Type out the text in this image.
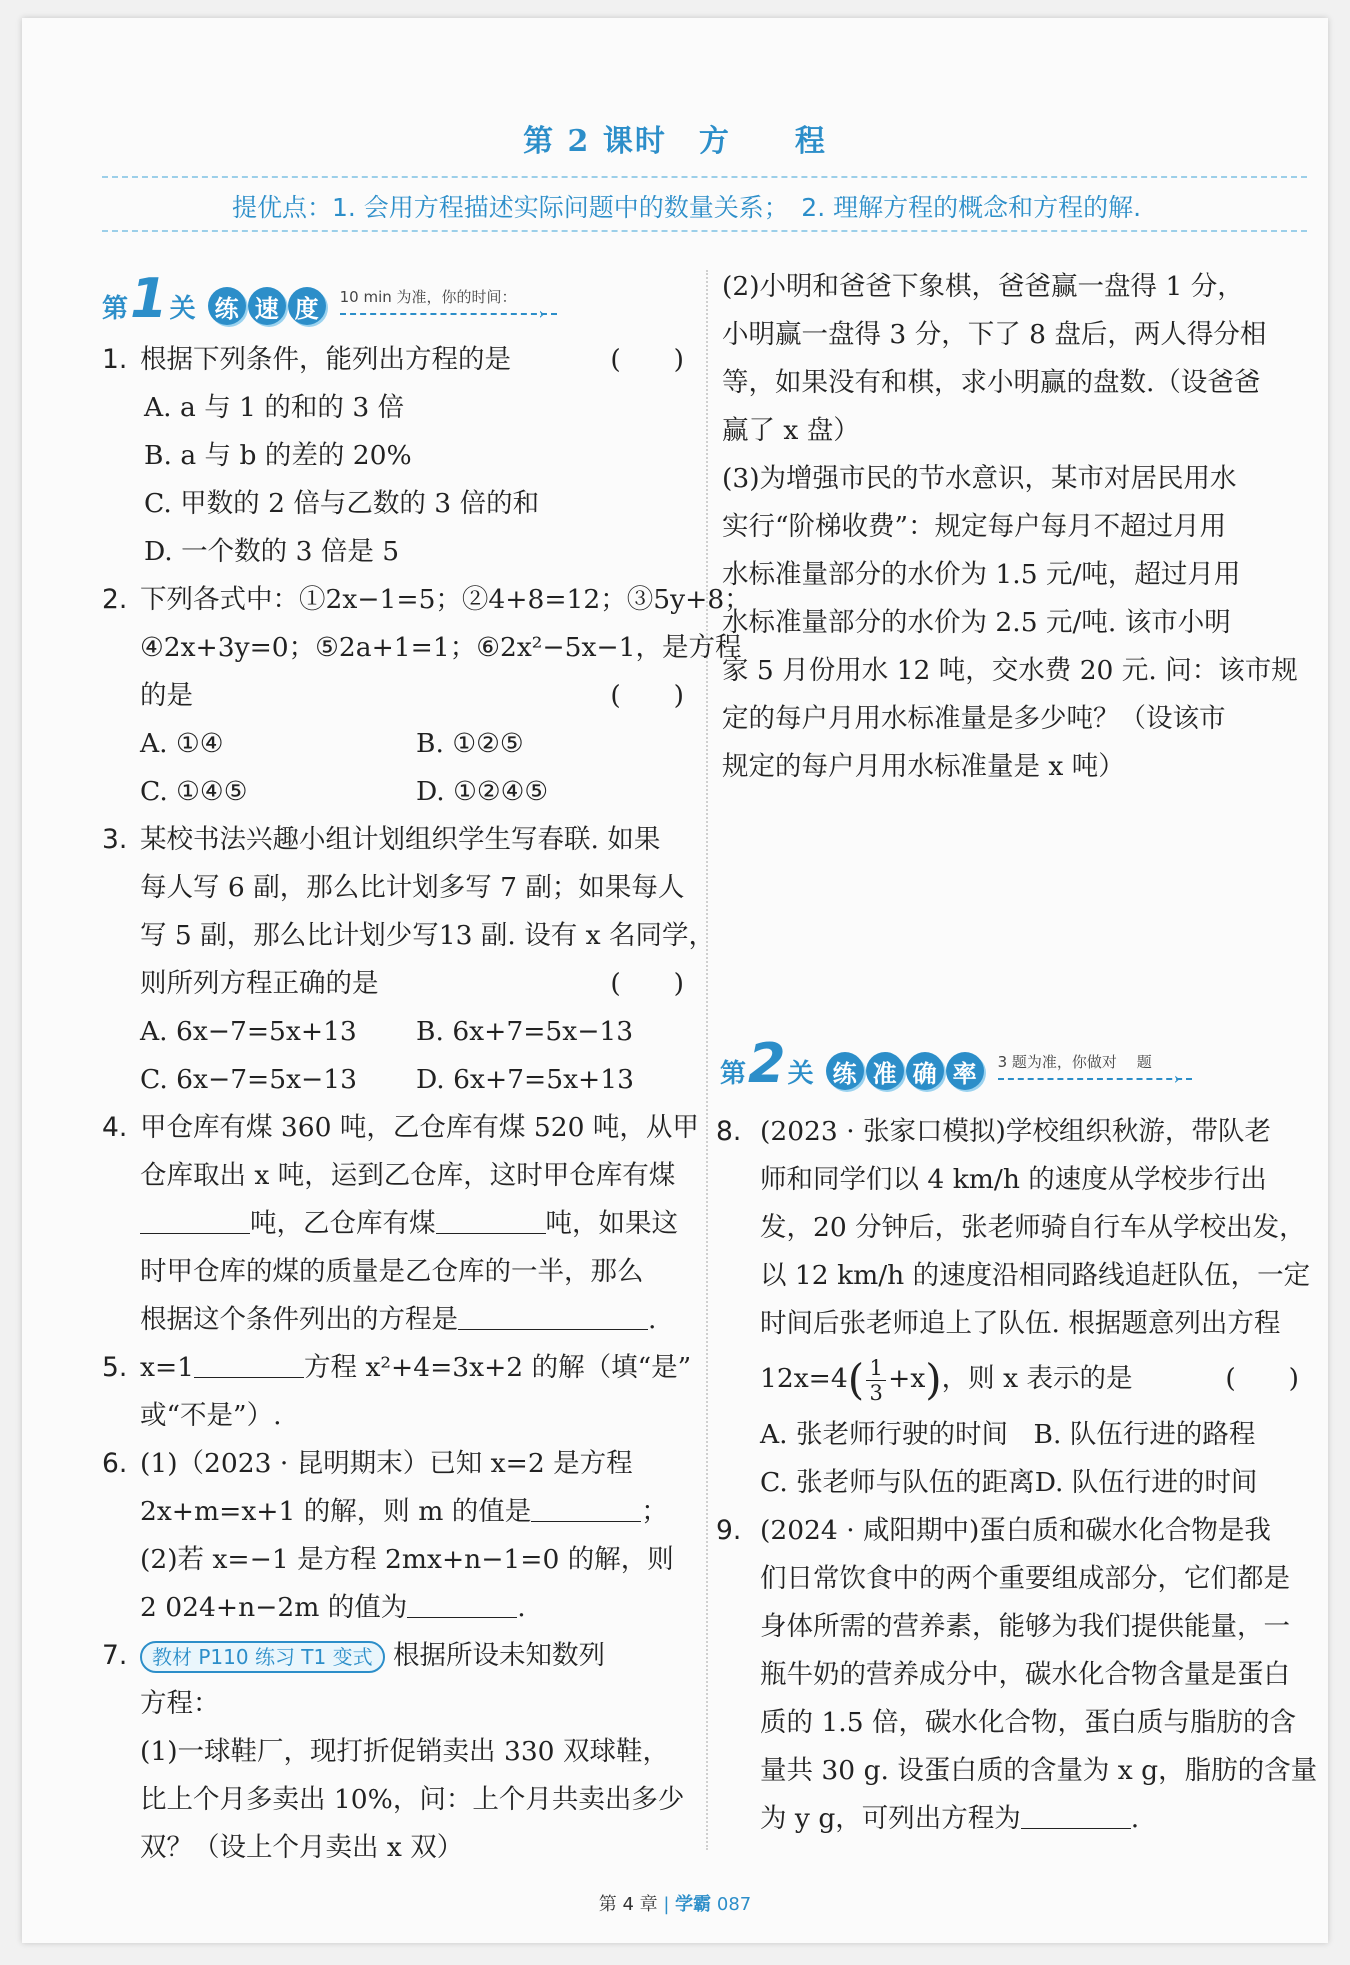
第 2 课时　方　　程
提优点：1. 会用方程描述实际问题中的数量关系；　2. 理解方程的概念和方程的解.
第 1 关 练 速 度	10 min 为准，你的时间：
›
1. 根据下列条件，能列出方程的是	(　　)
A. a 与 1 的和的 3 倍
B. a 与 b 的差的 20%
C. 甲数的 2 倍与乙数的 3 倍的和
D. 一个数的 3 倍是 5
2. 下列各式中：①2x−1=5；②4+8=12；③5y+8；
④2x+3y=0；⑤2a+1=1；⑥2x²−5x−1，是方程
的是	(　　)
A. ①④	B. ①②⑤
C. ①④⑤	D. ①②④⑤
3. 某校书法兴趣小组计划组织学生写春联. 如果
每人写 6 副，那么比计划多写 7 副；如果每人
写 5 副，那么比计划少写13 副. 设有 x 名同学，
则所列方程正确的是	(　　)
A. 6x−7=5x+13	B. 6x+7=5x−13
C. 6x−7=5x−13	D. 6x+7=5x+13
4. 甲仓库有煤 360 吨，乙仓库有煤 520 吨，从甲
仓库取出 x 吨，运到乙仓库，这时甲仓库有煤
吨，乙仓库有煤	吨，如果这
时甲仓库的煤的质量是乙仓库的一半，那么
根据这个条件列出的方程是	.
5. x=1	方程 x²+4=3x+2 的解（填“是”
或“不是”）.
6. (1)（2023 · 昆明期末）已知 x=2 是方程
2x+m=x+1 的解，则 m 的值是	；
(2)若 x=−1 是方程 2mx+n−1=0 的解，则
2 024+n−2m 的值为	.
7.	教材 P110 练习 T1 变式 根据所设未知数列
方程：
(1)一球鞋厂，现打折促销卖出 330 双球鞋，
比上个月多卖出 10%，问：上个月共卖出多少
双？（设上个月卖出 x 双）
(2)小明和爸爸下象棋，爸爸赢一盘得 1 分，
小明赢一盘得 3 分，下了 8 盘后，两人得分相
等，如果没有和棋，求小明赢的盘数.（设爸爸
赢了 x 盘）
(3)为增强市民的节水意识，某市对居民用水
实行“阶梯收费”：规定每户每月不超过月用
水标准量部分的水价为 1.5 元/吨，超过月用
水标准量部分的水价为 2.5 元/吨. 该市小明
家 5 月份用水 12 吨，交水费 20 元. 问：该市规
定的每户月用水标准量是多少吨？（设该市
规定的每户月用水标准量是 x 吨）
第 2 关 练 准 确 率	3 题为准，你做对　 题
›
8. (2023 · 张家口模拟)学校组织秋游，带队老
师和同学们以 4 km/h 的速度从学校步行出
发，20 分钟后，张老师骑自行车从学校出发，
以 12 km/h 的速度沿相同路线追赶队伍，一定
时间后张老师追上了队伍. 根据题意列出方程
$12x=4( \frac{1}{3} +x)$，则 x 表示的是	(　　)
A. 张老师行驶的时间 B. 队伍行进的路程
C. 张老师与队伍的距离 D. 队伍行进的时间
9. (2024 · 咸阳期中)蛋白质和碳水化合物是我
们日常饮食中的两个重要组成部分，它们都是
身体所需的营养素，能够为我们提供能量，一
瓶牛奶的营养成分中，碳水化合物含量是蛋白
质的 1.5 倍，碳水化合物，蛋白质与脂肪的含
量共 30 g. 设蛋白质的含量为 x g，脂肪的含量
为 y g，可列出方程为	.
第 4 章 | 学霸 087
